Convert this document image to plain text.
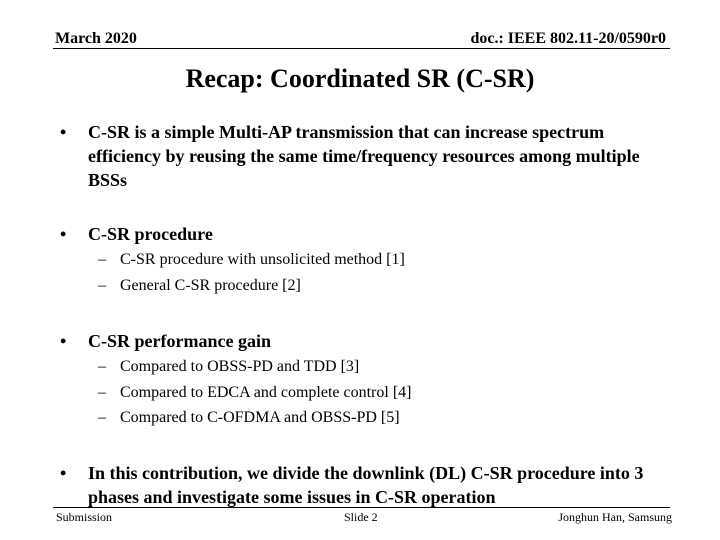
March 2020	doc.: IEEE 802.11-20/0590r0
Recap: Coordinated SR (C-SR)
• C-SR is a simple Multi-AP transmission that can increase spectrum efficiency by reusing the same time/frequency resources among multiple BSSs
• C-SR procedure
– C-SR procedure with unsolicited method [1]
– General C-SR procedure [2]
• C-SR performance gain
– Compared to OBSS-PD and TDD [3]
– Compared to EDCA and complete control [4]
– Compared to C-OFDMA and OBSS-PD [5]
• In this contribution, we divide the downlink (DL) C-SR procedure into 3 phases and investigate some issues in C-SR operation
Submission	Slide 2	Jonghun Han, Samsung
